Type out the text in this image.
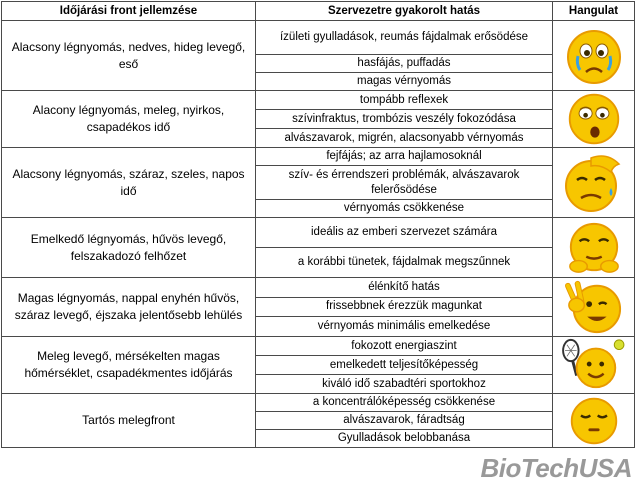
Időjárási front jellemzése	Szervezetre gyakorolt hatás	Hangulat
Alacsony légnyomás, nedves, hideg levegő, eső	ízületi gyulladások, reumás fájdalmak erősödése	

	hasfájás, puffadás	
	magas vérnyomás	
Alacony légnyomás, meleg, nyirkos, csapadékos idő	tompább reflexek	

	szívinfraktus, trombózis veszély fokozódása	
	alvászavarok, migrén, alacsonyabb vérnyomás	
Alacsony légnyomás, száraz, szeles, napos idő	fejfájás; az arra hajlamosoknál	

	szív- és érrendszeri problémák, alvászavarok felerősödése	
	vérnyomás csökkenése	
Emelkedő légnyomás, hűvös levegő, felszakadozó felhőzet	ideális az emberi szervezet számára	

	a korábbi tünetek, fájdalmak megszűnnek	
Magas légnyomás, nappal enyhén hűvös, száraz levegő, éjszaka jelentősebb lehülés	élénkítő hatás	

	frissebbnek érezzük magunkat	
	vérnyomás minimális emelkedése	
Meleg levegő, mérsékelten magas hőmérséklet, csapadékmentes időjárás	fokozott energiaszint	

	emelkedett teljesítőképesség	
	kiváló idő szabadtéri sportokhoz	
Tartós melegfront	a koncentrálóképesség csökkenése	

	alvászavarok, fáradtság	
	Gyulladások belobbanása	
BioTechUSA
